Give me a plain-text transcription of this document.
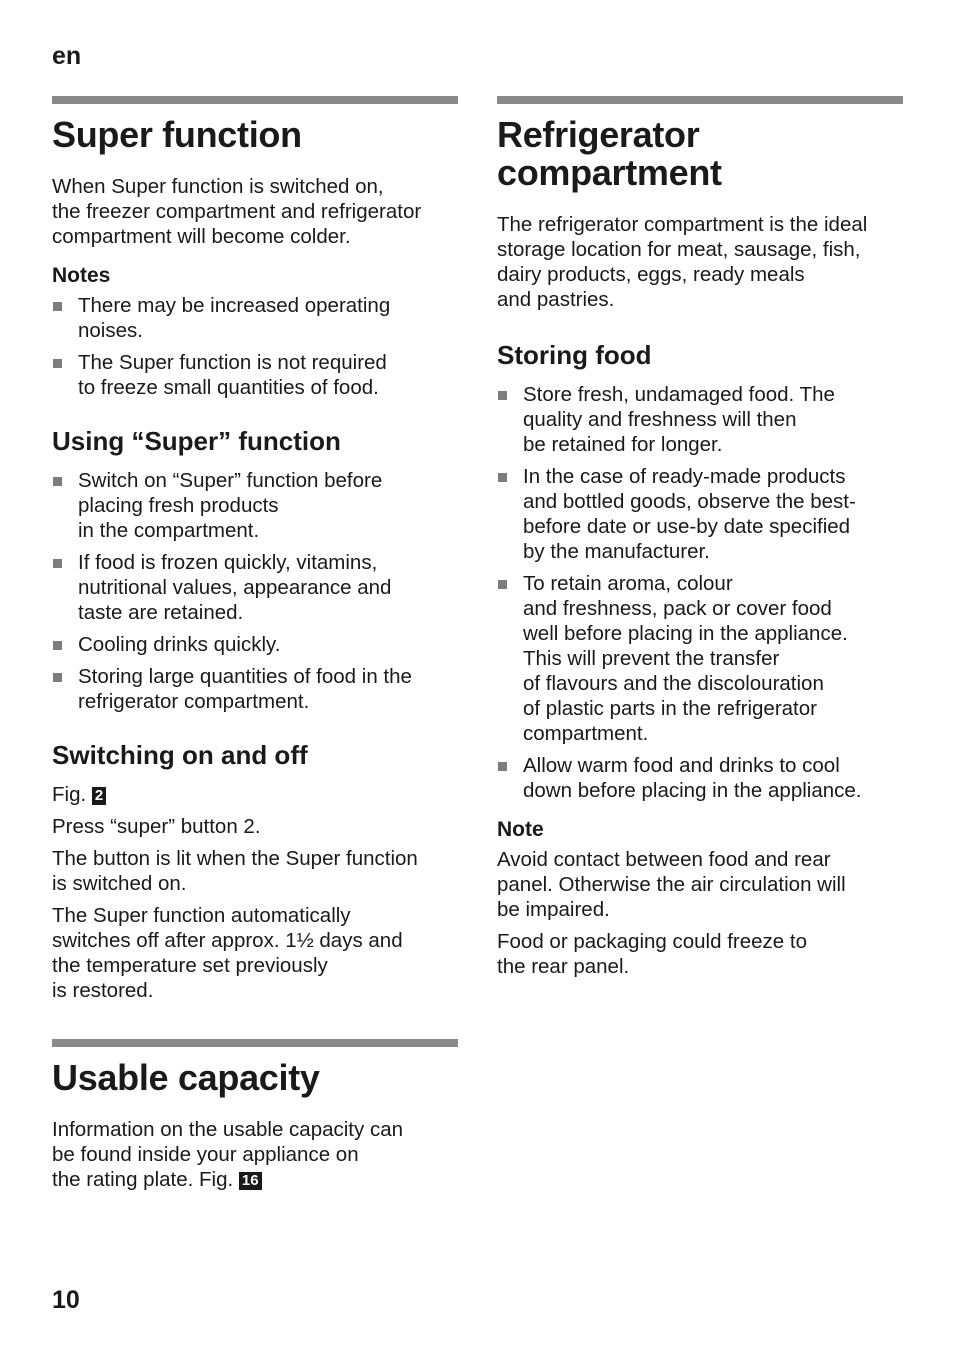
en
Super function

When Super function is switched on,
the freezer compartment and refrigerator
compartment will become colder.

Notes
There may be increased operating
noises.
The Super function is not required
to freeze small quantities of food.
Using “Super” function
Switch on “Super” function before
placing fresh products
in the compartment.
If food is frozen quickly, vitamins,
nutritional values, appearance and
taste are retained.
Cooling drinks quickly.
Storing large quantities of food in the
refrigerator compartment.
Switching on and off

Fig. 2

Press “super” button 2.

The button is lit when the Super function
is switched on.

The Super function automatically
switches off after approx. 1½ days and
the temperature set previously
is restored.

Usable capacity

Information on the usable capacity can
be found inside your appliance on
the rating plate. Fig. 16

Refrigerator
compartment

The refrigerator compartment is the ideal
storage location for meat, sausage, fish,
dairy products, eggs, ready meals
and pastries.

Storing food
Store fresh, undamaged food. The
quality and freshness will then
be retained for longer.
In the case of ready-made products
and bottled goods, observe the best-
before date or use-by date specified
by the manufacturer.
To retain aroma, colour
and freshness, pack or cover food
well before placing in the appliance.
This will prevent the transfer
of flavours and the discolouration
of plastic parts in the refrigerator
compartment.
Allow warm food and drinks to cool
down before placing in the appliance.
Note

Avoid contact between food and rear
panel. Otherwise the air circulation will
be impaired.

Food or packaging could freeze to
the rear panel.

10
